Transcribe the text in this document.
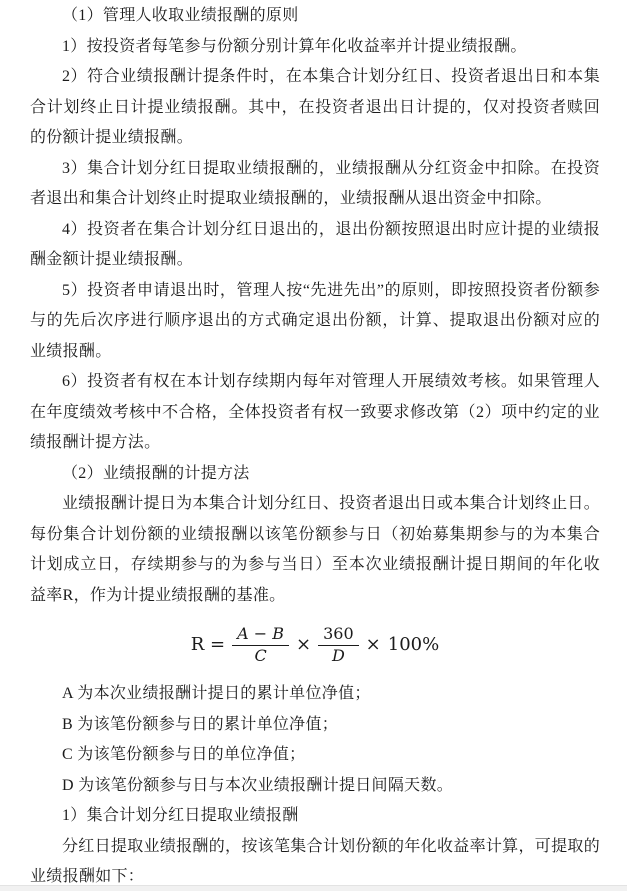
（1）管理人收取业绩报酬的原则

1）按投资者每笔参与份额分别计算年化收益率并计提业绩报酬。

2）符合业绩报酬计提条件时，在本集合计划分红日、投资者退出日和本集合计划终止日计提业绩报酬。其中，在投资者退出日计提的，仅对投资者赎回的份额计提业绩报酬。

3）集合计划分红日提取业绩报酬的，业绩报酬从分红资金中扣除。在投资者退出和集合计划终止时提取业绩报酬的，业绩报酬从退出资金中扣除。

4）投资者在集合计划分红日退出的，退出份额按照退出时应计提的业绩报酬金额计提业绩报酬。

5）投资者申请退出时，管理人按“先进先出”的原则，即按照投资者份额参与的先后次序进行顺序退出的方式确定退出份额，计算、提取退出份额对应的业绩报酬。

6）投资者有权在本计划存续期内每年对管理人开展绩效考核。如果管理人在年度绩效考核中不合格，全体投资者有权一致要求修改第（2）项中约定的业绩报酬计提方法。

（2）业绩报酬的计提方法

业绩报酬计提日为本集合计划分红日、投资者退出日或本集合计划终止日。每份集合计划份额的业绩报酬以该笔份额参与日（初始募集期参与的为本集合计划成立日，存续期参与的为参与当日）至本次业绩报酬计提日期间的年化收益率R，作为计提业绩报酬的基准。

$R = \frac{A - B}{C} \times \frac{360}{D} \times 100\%$

A 为本次业绩报酬计提日的累计单位净值；

B 为该笔份额参与日的累计单位净值；

C 为该笔份额参与日的单位净值；

D 为该笔份额参与日与本次业绩报酬计提日间隔天数。

1）集合计划分红日提取业绩报酬

分红日提取业绩报酬的，按该笔集合计划份额的年化收益率计算，可提取的业绩报酬如下：
